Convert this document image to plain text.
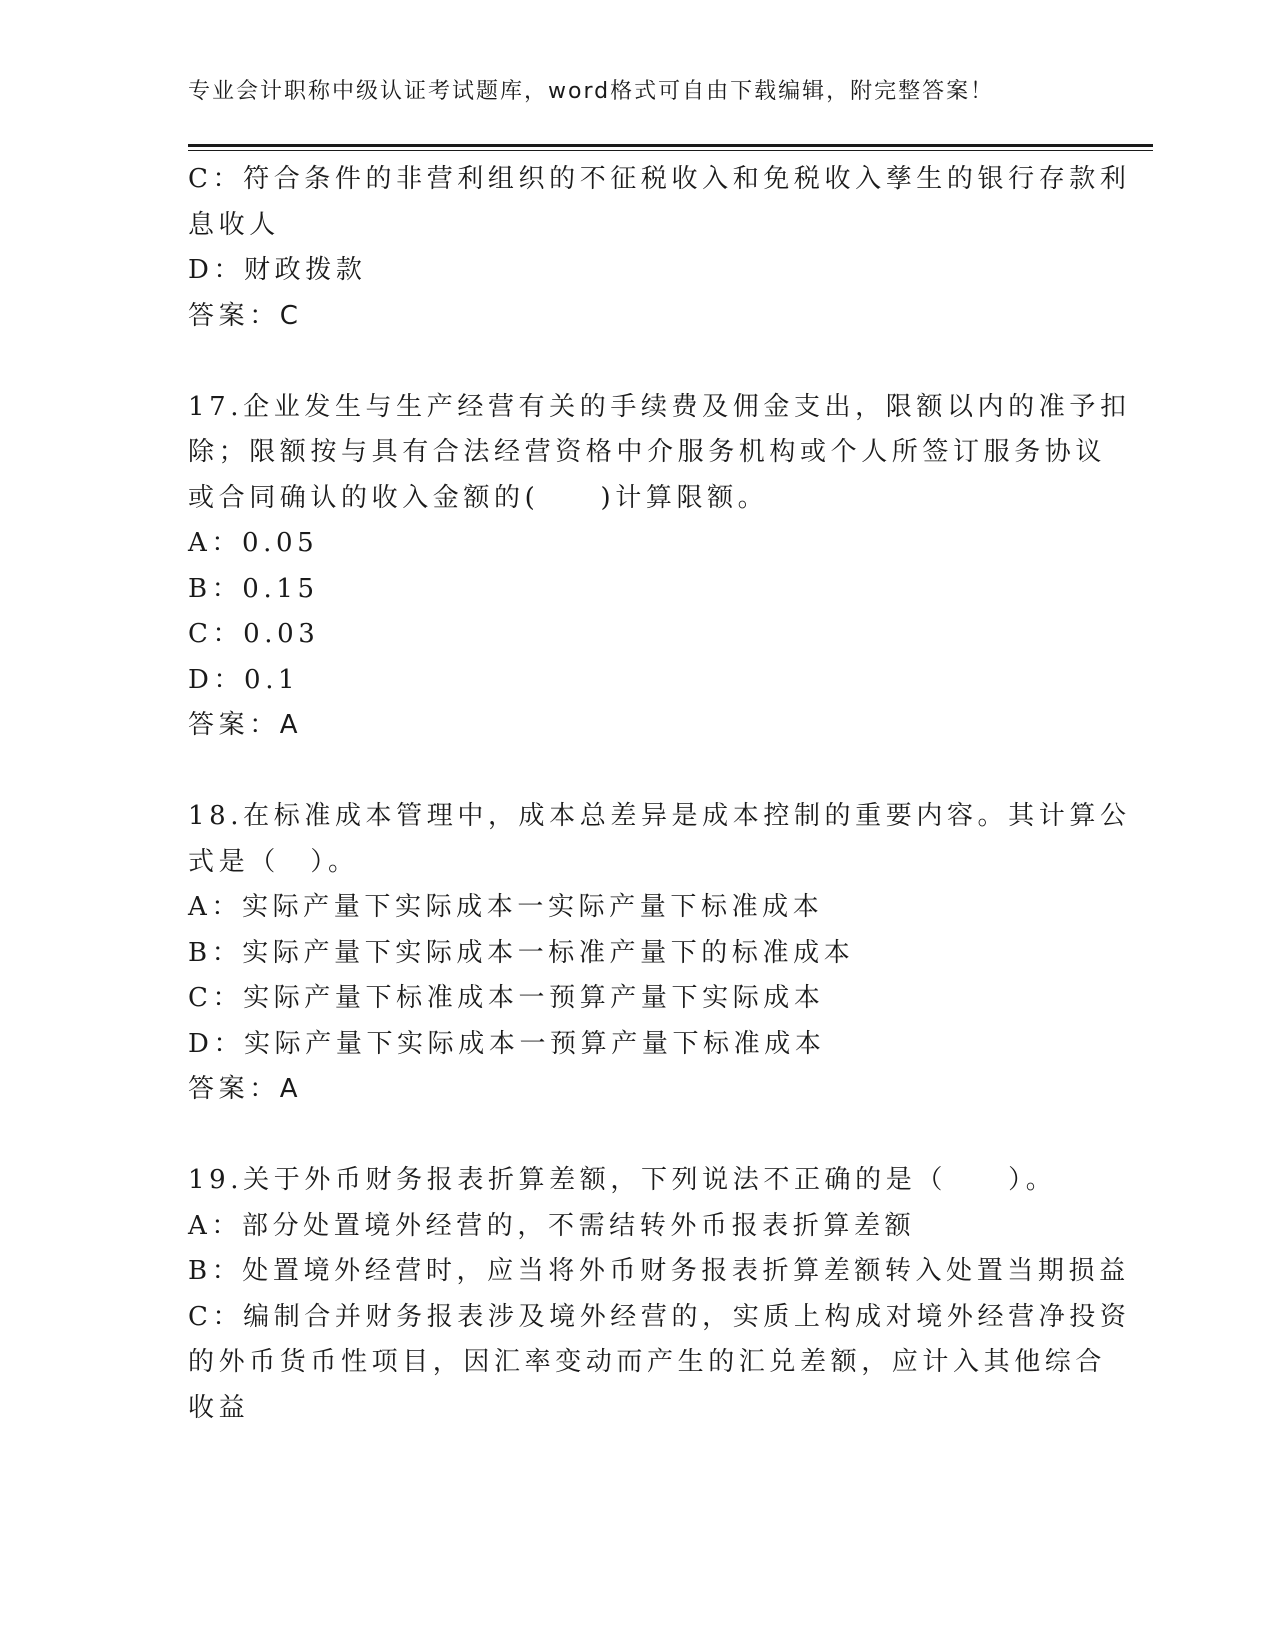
专业会计职称中级认证考试题库，word格式可自由下载编辑，附完整答案！
C：符合条件的非营利组织的不征税收入和免税收入孳生的银行存款利
息收人
D：财政拨款
答案：C
17.企业发生与生产经营有关的手续费及佣金支出，限额以内的准予扣
除；限额按与具有合法经营资格中介服务机构或个人所签订服务协议
或合同确认的收入金额的(　　)计算限额。
A：0.05
B：0.15
C：0.03
D：0.1
答案：A
18.在标准成本管理中，成本总差异是成本控制的重要内容。其计算公
式是（　）。
A：实际产量下实际成本一实际产量下标准成本
B：实际产量下实际成本一标准产量下的标准成本
C：实际产量下标准成本一预算产量下实际成本
D：实际产量下实际成本一预算产量下标准成本
答案：A
19.关于外币财务报表折算差额，下列说法不正确的是（　　）。
A：部分处置境外经营的，不需结转外币报表折算差额
B：处置境外经营时，应当将外币财务报表折算差额转入处置当期损益
C：编制合并财务报表涉及境外经营的，实质上构成对境外经营净投资
的外币货币性项目，因汇率变动而产生的汇兑差额，应计入其他综合
收益
